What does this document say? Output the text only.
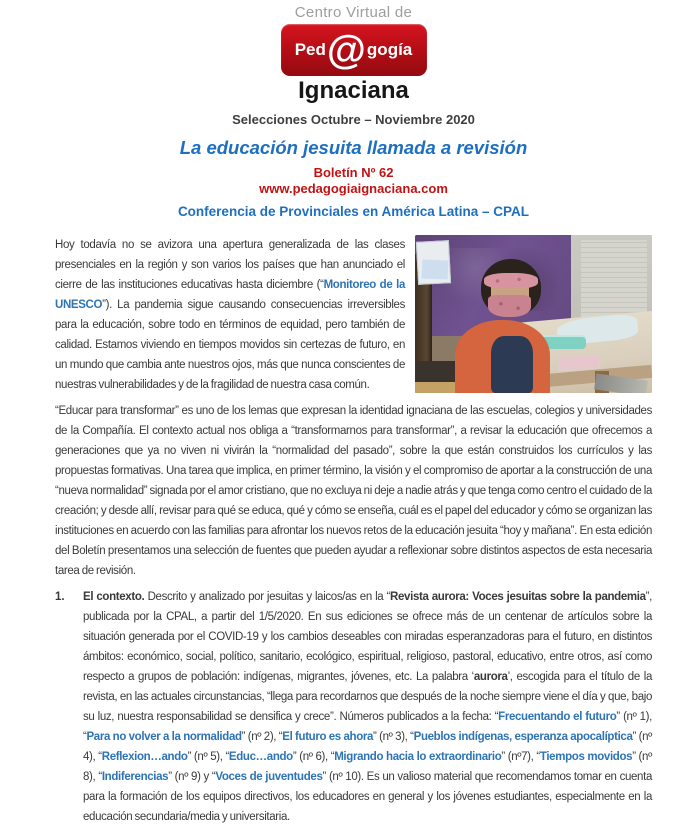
Centro Virtual de
Ped @ gogía
Ignaciana
Selecciones Octubre – Noviembre 2020
La educación jesuita llamada a revisión
Boletín Nº 62
www.pedagogiaignaciana.com
Conferencia de Provinciales en América Latina – CPAL
Hoy todavía no se avizora una apertura generalizada de las clases presenciales en la región y son varios los países que han anunciado el cierre de las instituciones educativas hasta diciembre (“Monitoreo de la UNESCO”). La pandemia sigue causando consecuencias irreversibles para la educación, sobre todo en términos de equidad, pero también de calidad. Estamos viviendo en tiempos movidos sin certezas de futuro, en un mundo que cambia ante nuestros ojos, más que nunca conscientes de nuestras vulnerabilidades y de la fragilidad de nuestra casa común.
“Educar para transformar” es uno de los lemas que expresan la identidad ignaciana de las escuelas, colegios y universidades de la Compañía. El contexto actual nos obliga a “transformarnos para transformar”, a revisar la educación que ofrecemos a generaciones que ya no viven ni vivirán la “normalidad del pasado”, sobre la que están construidos los currículos y las propuestas formativas. Una tarea que implica, en primer término, la visión y el compromiso de aportar a la construcción de una “nueva normalidad” signada por el amor cristiano, que no excluya ni deje a nadie atrás y que tenga como centro el cuidado de la creación; y desde allí, revisar para qué se educa, qué y cómo se enseña, cuál es el papel del educador y cómo se organizan las instituciones en acuerdo con las familias para afrontar los nuevos retos de la educación jesuita “hoy y mañana”. En esta edición del Boletín presentamos una selección de fuentes que pueden ayudar a reflexionar sobre distintos aspectos de esta necesaria tarea de revisión.
1.	El contexto. Descrito y analizado por jesuitas y laicos/as en la “Revista aurora: Voces jesuitas sobre la pandemia”, publicada por la CPAL, a partir del 1/5/2020. En sus ediciones se ofrece más de un centenar de artículos sobre la situación generada por el COVID-19 y los cambios deseables con miradas esperanzadoras para el futuro, en distintos ámbitos: económico, social, político, sanitario, ecológico, espiritual, religioso, pastoral, educativo, entre otros, así como respecto a grupos de población: indígenas, migrantes, jóvenes, etc. La palabra ‘aurora’, escogida para el título de la revista, en las actuales circunstancias, “llega para recordarnos que después de la noche siempre viene el día y que, bajo su luz, nuestra responsabilidad se densifica y crece”. Números publicados a la fecha: “Frecuentando el futuro” (nº 1), “Para no volver a la normalidad” (nº 2), “El futuro es ahora” (nº 3), “Pueblos indígenas, esperanza apocalíptica” (nº 4), “Reflexion…ando” (nº 5), “Educ…ando” (nº 6), “Migrando hacia lo extraordinario” (nº7), “Tiempos movidos” (nº 8), “Indiferencias” (nº 9) y “Voces de juventudes” (nº 10). Es un valioso material que recomendamos tomar en cuenta para la formación de los equipos directivos, los educadores en general y los jóvenes estudiantes, especialmente en la educación secundaria/media y universitaria.
